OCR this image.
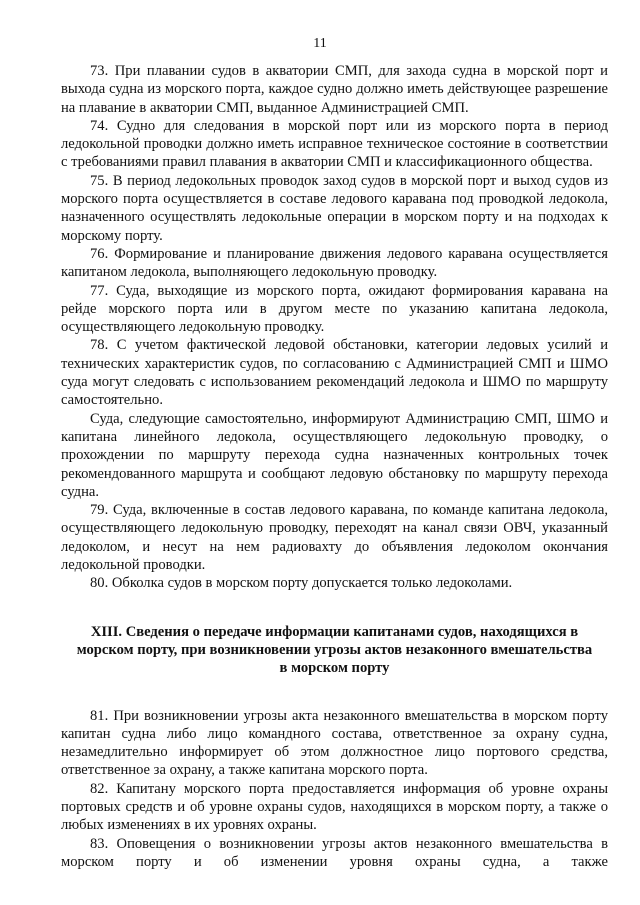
11

73. При плавании судов в акватории СМП, для захода судна в морской порт и выхода судна из морского порта, каждое судно должно иметь действующее разрешение на плавание в акватории СМП, выданное Администрацией СМП.

74. Судно для следования в морской порт или из морского порта в период ледокольной проводки должно иметь исправное техническое состояние в соответствии с требованиями правил плавания в акватории СМП и классификационного общества.

75. В период ледокольных проводок заход судов в морской порт и выход судов из морского порта осуществляется в составе ледового каравана под проводкой ледокола, назначенного осуществлять ледокольные операции в морском порту и на подходах к морскому порту.

76. Формирование и планирование движения ледового каравана осуществляется капитаном ледокола, выполняющего ледокольную проводку.

77. Суда, выходящие из морского порта, ожидают формирования каравана на рейде морского порта или в другом месте по указанию капитана ледокола, осуществляющего ледокольную проводку.

78. С учетом фактической ледовой обстановки, категории ледовых усилий и технических характеристик судов, по согласованию с Администрацией СМП и ШМО суда могут следовать с использованием рекомендаций ледокола и ШМО по маршруту самостоятельно.

Суда, следующие самостоятельно, информируют Администрацию СМП, ШМО и капитана линейного ледокола, осуществляющего ледокольную проводку, о прохождении по маршруту перехода судна назначенных контрольных точек рекомендованного маршрута и сообщают ледовую обстановку по маршруту перехода судна.

79. Суда, включенные в состав ледового каравана, по команде капитана ледокола, осуществляющего ледокольную проводку, переходят на канал связи ОВЧ, указанный ледоколом, и несут на нем радиовахту до объявления ледоколом окончания ледокольной проводки.

80. Обколка судов в морском порту допускается только ледоколами.

XIII. Сведения о передаче информации капитанами судов, находящихся в
морском порту, при возникновении угрозы актов незаконного вмешательства
в морском порту

81. При возникновении угрозы акта незаконного вмешательства в морском порту капитан судна либо лицо командного состава, ответственное за охрану судна, незамедлительно информирует об этом должностное лицо портового средства, ответственное за охрану, а также капитана морского порта.

82. Капитану морского порта предоставляется информация об уровне охраны портовых средств и об уровне охраны судов, находящихся в морском порту, а также о любых изменениях в их уровнях охраны.

83. Оповещения о возникновении угрозы актов незаконного вмешательства в морском порту и об изменении уровня охраны судна, а также
